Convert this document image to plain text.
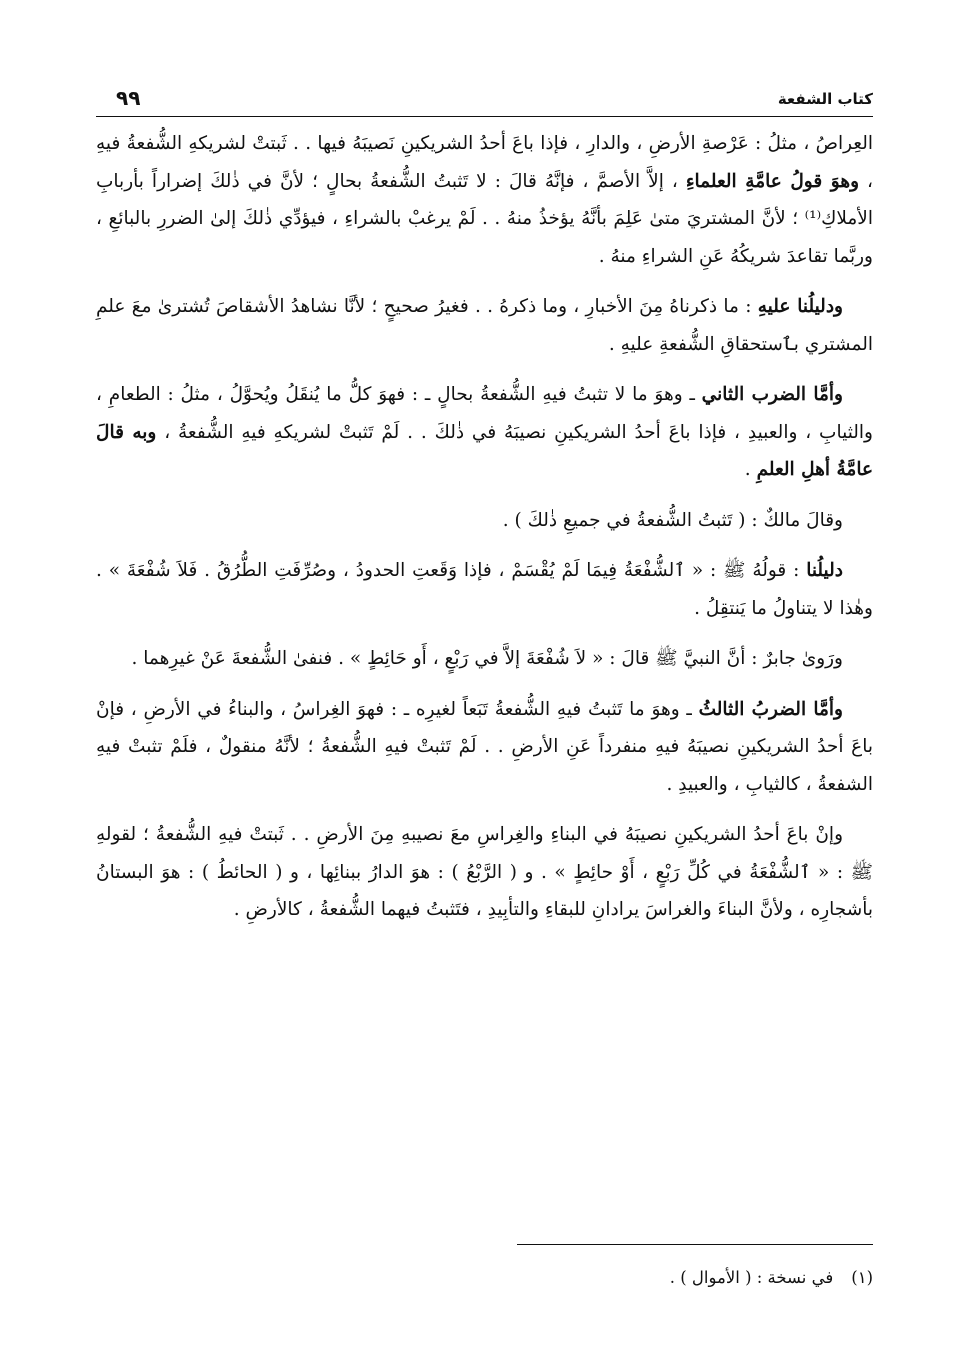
كتاب الشفعة
٩٩

العِراصُ ، مثلُ : عَرْصةِ الأرضِ ، والدارِ ، فإذا باعَ أحدُ الشريكينِ نَصيبَهُ فيها . . ثَبتتْ لشريكهِ الشُّفعةُ فيهِ ، وهوَ قولُ عامَّةِ العلماءِ ، إلاَّ الأصمَّ ، فإنَّهُ قالَ : لا تَثبتُ الشُّفعةُ بحالٍ ؛ لأنَّ في ذٰلكَ إضراراً بأربابِ الأملاكِ⁽¹⁾ ؛ لأنَّ المشتريَ متىٰ عَلِمَ بأنَّهُ يؤخذُ منهُ . . لَمْ يرغبْ بالشراءِ ، فيؤدِّي ذٰلكَ إلىٰ الضررِ بالبائعِ ، وربَّما تقاعدَ شريكُهُ عَنِ الشراءِ منهُ .

ودليلُنا عليهِ : ما ذكرناهُ مِنَ الأخبارِ ، وما ذكرهُ . . فغيرُ صحيحٍ ؛ لأنَّا نشاهدُ الأشقاصَ تُشترىٰ معَ علمِ المشتري بٱستحقاقِ الشُّفعةِ عليهِ .

وأمَّا الضرب الثاني ـ وهوَ ما لا تثبتُ فيهِ الشُّفعةُ بحالٍ ـ : فهوَ كلُّ ما يُنقَلُ ويُحوَّلُ ، مثلُ : الطعامِ ، والثيابِ ، والعبيدِ ، فإذا باعَ أحدُ الشريكينِ نصيبَهُ في ذٰلكَ . . لَمْ تَثبتْ لشريكهِ فيهِ الشُّفعةُ ، وبه قالَ عامَّةُ أهلِ العلمِ .

وقالَ مالكٌ : ( تَثبتُ الشُّفعةُ في جميعِ ذٰلكَ ) .

دليلُنا : قولُهُ ﷺ : « ٱلشُّفْعَةُ فِيمَا لَمْ يُقْسَمْ ، فإذا وَقَعتِ الحدودُ ، وصُرِّفَتِ الطُّرُقُ . فَلاَ شُفْعَةَ » . وهٰذا لا يتناولُ ما يَنتقِلُ .

ورَوىٰ جابرٌ : أنَّ النبيَّ ﷺ قالَ : « لاَ شُفْعَةَ إلاَّ في رَبْعٍ ، أَو حَائِطٍ » . فنفىٰ الشُّفعةَ عَنْ غيرِهما .

وأمَّا الضربُ الثالثُ ـ وهوَ ما تَثبتُ فيهِ الشُّفعةُ تَبَعاً لغيرِه ـ : فهوَ الغِراسُ ، والبناءُ في الأرضِ ، فإنْ باعَ أحدُ الشريكينِ نصيبَهُ فيهِ منفرداً عَنِ الأرضِ . . لَمْ تَثبتْ فيهِ الشُّفعةُ ؛ لأنَّهُ منقولٌ ، فلَمْ تثبتْ فيهِ الشفعةُ ، كالثيابِ ، والعبيدِ .

وإنْ باعَ أحدُ الشريكينِ نصيبَهُ في البناءِ والغِراسِ معَ نصيبهِ مِنَ الأرضِ . . ثَبتتْ فيهِ الشُّفعةُ ؛ لقولهِ ﷺ : « ٱلشُّفْعَةُ في كُلِّ رَبْعٍ ، أَوْ حائِطٍ » . و ( الرَّبْعُ ) : هوَ الدارُ ببنائِها ، و ( الحائطُ ) : هوَ البستانُ بأشجارِه ، ولأنَّ البناءَ والغراسَ يرادانِ للبقاءِ والتأبِيدِ ، فتَثبتُ فيهما الشُّفعةُ ، كالأرضِ .

(١)في نسخة : ( الأموال ) .
